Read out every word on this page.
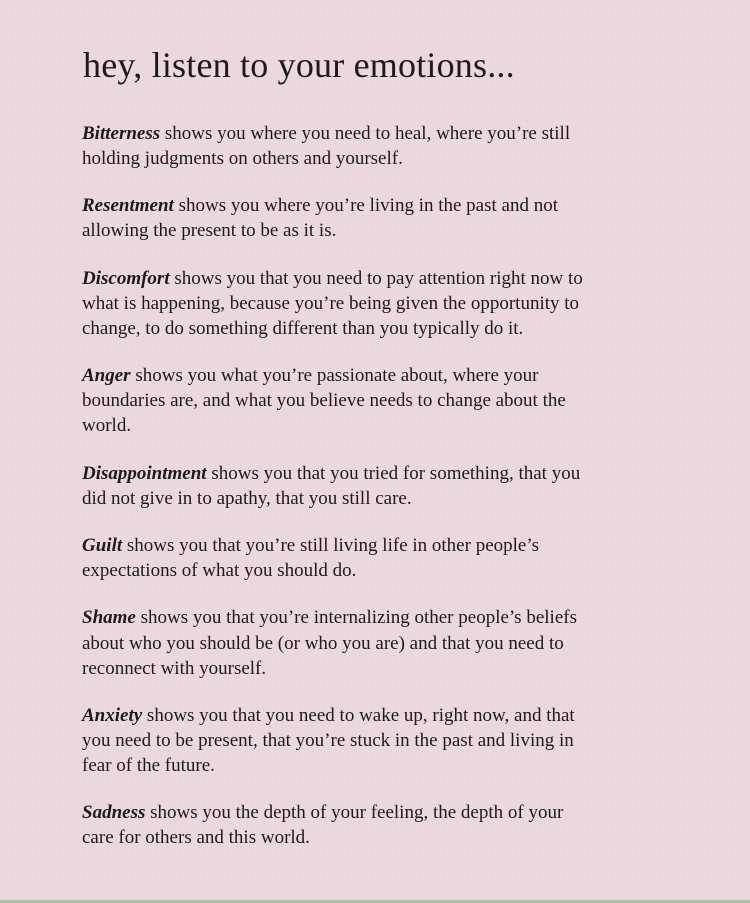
hey, listen to your emotions...

Bitterness shows you where you need to heal, where you’re still
holding judgments on others and yourself.

Resentment shows you where you’re living in the past and not
allowing the present to be as it is.

Discomfort shows you that you need to pay attention right now to
what is happening, because you’re being given the opportunity to
change, to do something different than you typically do it.

Anger shows you what you’re passionate about, where your
boundaries are, and what you believe needs to change about the
world.

Disappointment shows you that you tried for something, that you
did not give in to apathy, that you still care.

Guilt shows you that you’re still living life in other people’s
expectations of what you should do.

Shame shows you that you’re internalizing other people’s beliefs
about who you should be (or who you are) and that you need to
reconnect with yourself.

Anxiety shows you that you need to wake up, right now, and that
you need to be present, that you’re stuck in the past and living in
fear of the future.

Sadness shows you the depth of your feeling, the depth of your
care for others and this world.
